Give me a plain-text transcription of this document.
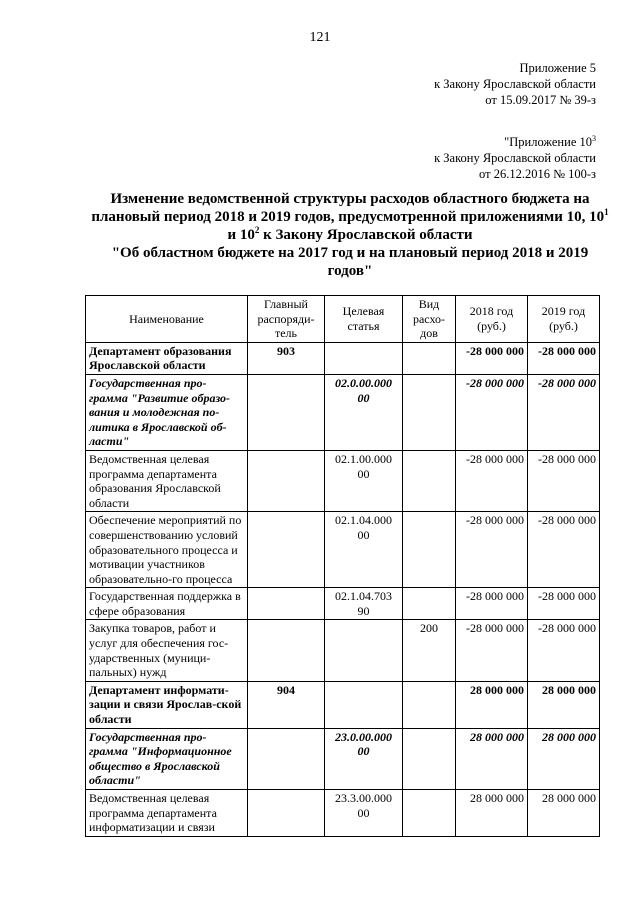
121
Приложение 5
к Закону Ярославской области
от 15.09.2017 № 39-з
"Приложение $10^3$
к Закону Ярославской области
от 26.12.2016 № 100-з
Изменение ведомственной структуры расходов областного бюджета на плановый период 2018 и 2019 годов, предусмотренной приложениями 10, $10^1$ и $10^2$ к Закону Ярославской области
"Об областном бюджете на 2017 год и на плановый период 2018 и 2019 годов"
Наименование	Главный распоряди-тель	Целевая статья	Вид расхо-дов	2018 год (руб.)	2019 год (руб.)
Департамент образования Ярославской области	903			-28 000 000	-28 000 000
Государственная про-грамма "Развитие образо-вания и молодежная по-литика в Ярославской об-ласти"		02.0.00.000 00		-28 000 000	-28 000 000
Ведомственная целевая программа департамента образования Ярославской области		02.1.00.000 00		-28 000 000	-28 000 000
Обеспечение мероприятий по совершенствованию условий образовательного процесса и мотивации участников образовательно-го процесса		02.1.04.000 00		-28 000 000	-28 000 000
Государственная поддержка в сфере образования		02.1.04.703 90		-28 000 000	-28 000 000
Закупка товаров, работ и услуг для обеспечения гос-ударственных (муници-пальных) нужд			200	-28 000 000	-28 000 000
Департамент информати-зации и связи Ярослав-ской области	904			28 000 000	28 000 000
Государственная про-грамма "Информационное общество в Ярославской области"		23.0.00.000 00		28 000 000	28 000 000
Ведомственная целевая программа департамента информатизации и связи		23.3.00.000 00		28 000 000	28 000 000
